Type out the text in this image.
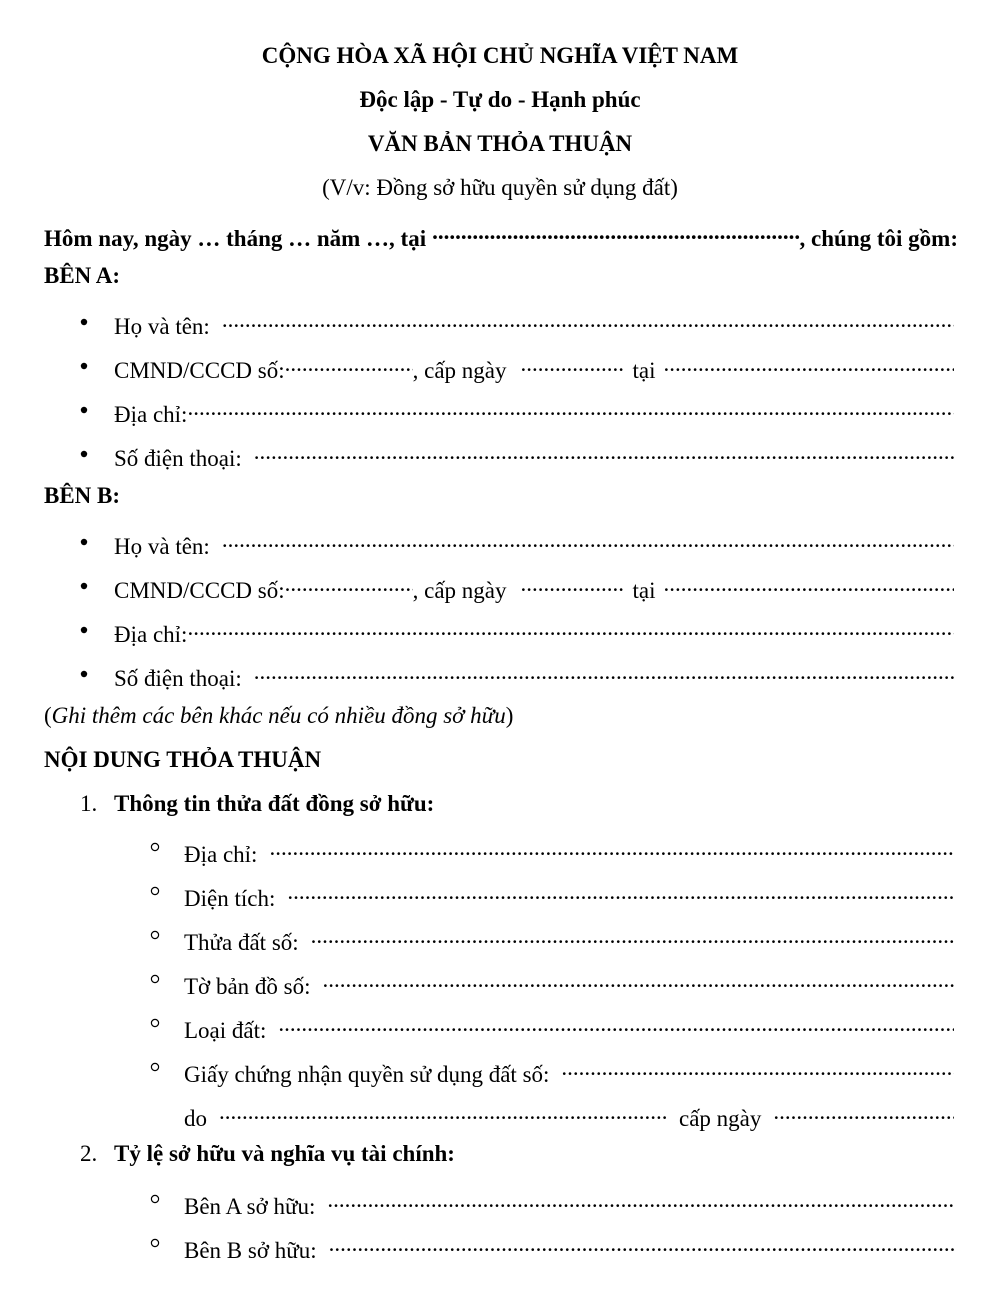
CỘNG HÒA XÃ HỘI CHỦ NGHĨA VIỆT NAM
Độc lập - Tự do - Hạnh phúc
VĂN BẢN THỎA THUẬN
(V/v: Đồng sở hữu quyền sử dụng đất)
Hôm nay, ngày … tháng … năm …, tại .....	, chúng tôi gồm:
BÊN A:
Họ và tên:
.....
CMND/CCCD số: .....	, cấp ngày .....	tại
.....
Địa chỉ:
.....
Số điện thoại:
.....
BÊN B:
Họ và tên:
.....
CMND/CCCD số: .....	, cấp ngày .....	tại
.....
Địa chỉ:
.....
Số điện thoại:
.....
(Ghi thêm các bên khác nếu có nhiều đồng sở hữu)
NỘI DUNG THỎA THUẬN
1. Thông tin thửa đất đồng sở hữu:
Địa chỉ:
.....
Diện tích:
.....
Thửa đất số:
.....
Tờ bản đồ số:
.....
Loại đất:
.....
Giấy chứng nhận quyền sử dụng đất số:
.....
do .....	cấp ngày
.....
2. Tỷ lệ sở hữu và nghĩa vụ tài chính:
Bên A sở hữu:
.....
Bên B sở hữu:
.....
